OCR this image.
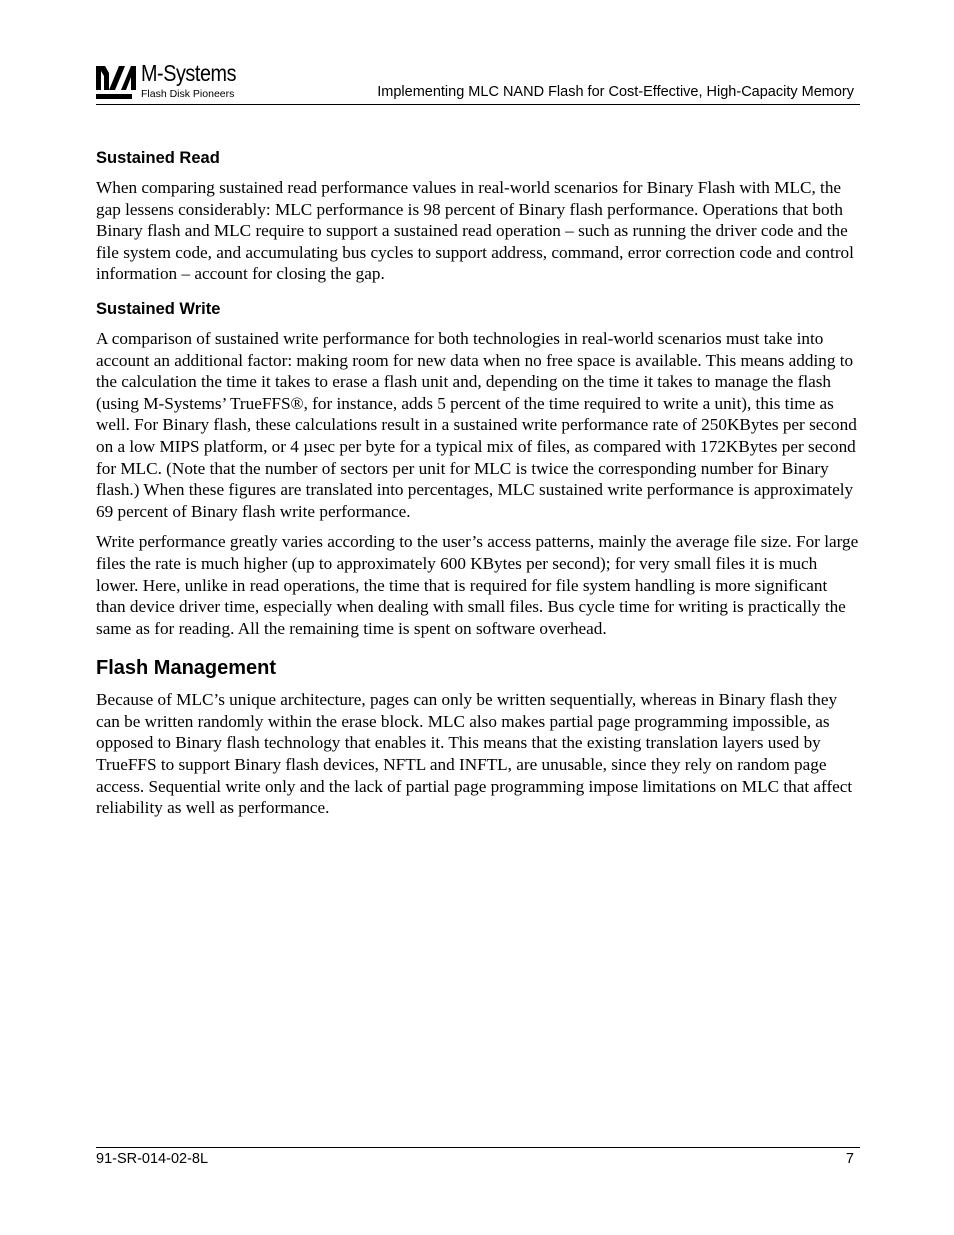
M-Systems
Flash Disk Pioneers	Implementing MLC NAND Flash for Cost-Effective, High-Capacity Memory
Sustained Read

When comparing sustained read performance values in real-world scenarios for Binary Flash with MLC, the gap lessens considerably: MLC performance is 98 percent of Binary flash performance. Operations that both Binary flash and MLC require to support a sustained read operation – such as running the driver code and the file system code, and accumulating bus cycles to support address, command, error correction code and control information – account for closing the gap.

Sustained Write

A comparison of sustained write performance for both technologies in real-world scenarios must take into account an additional factor: making room for new data when no free space is available. This means adding to the calculation the time it takes to erase a flash unit and, depending on the time it takes to manage the flash (using M-Systems’ TrueFFS®, for instance, adds 5 percent of the time required to write a unit), this time as well. For Binary flash, these calculations result in a sustained write performance rate of 250KBytes per second on a low MIPS platform, or 4 µsec per byte for a typical mix of files, as compared with 172KBytes per second for MLC. (Note that the number of sectors per unit for MLC is twice the corresponding number for Binary flash.) When these figures are translated into percentages, MLC sustained write performance is approximately 69 percent of Binary flash write performance.

Write performance greatly varies according to the user’s access patterns, mainly the average file size. For large files the rate is much higher (up to approximately 600 KBytes per second); for very small files it is much lower. Here, unlike in read operations, the time that is required for file system handling is more significant than device driver time, especially when dealing with small files. Bus cycle time for writing is practically the same as for reading. All the remaining time is spent on software overhead.

Flash Management

Because of MLC’s unique architecture, pages can only be written sequentially, whereas in Binary flash they can be written randomly within the erase block. MLC also makes partial page programming impossible, as opposed to Binary flash technology that enables it. This means that the existing translation layers used by TrueFFS to support Binary flash devices, NFTL and INFTL, are unusable, since they rely on random page access. Sequential write only and the lack of partial page programming impose limitations on MLC that affect reliability as well as performance.

91-SR-014-02-8L	7
